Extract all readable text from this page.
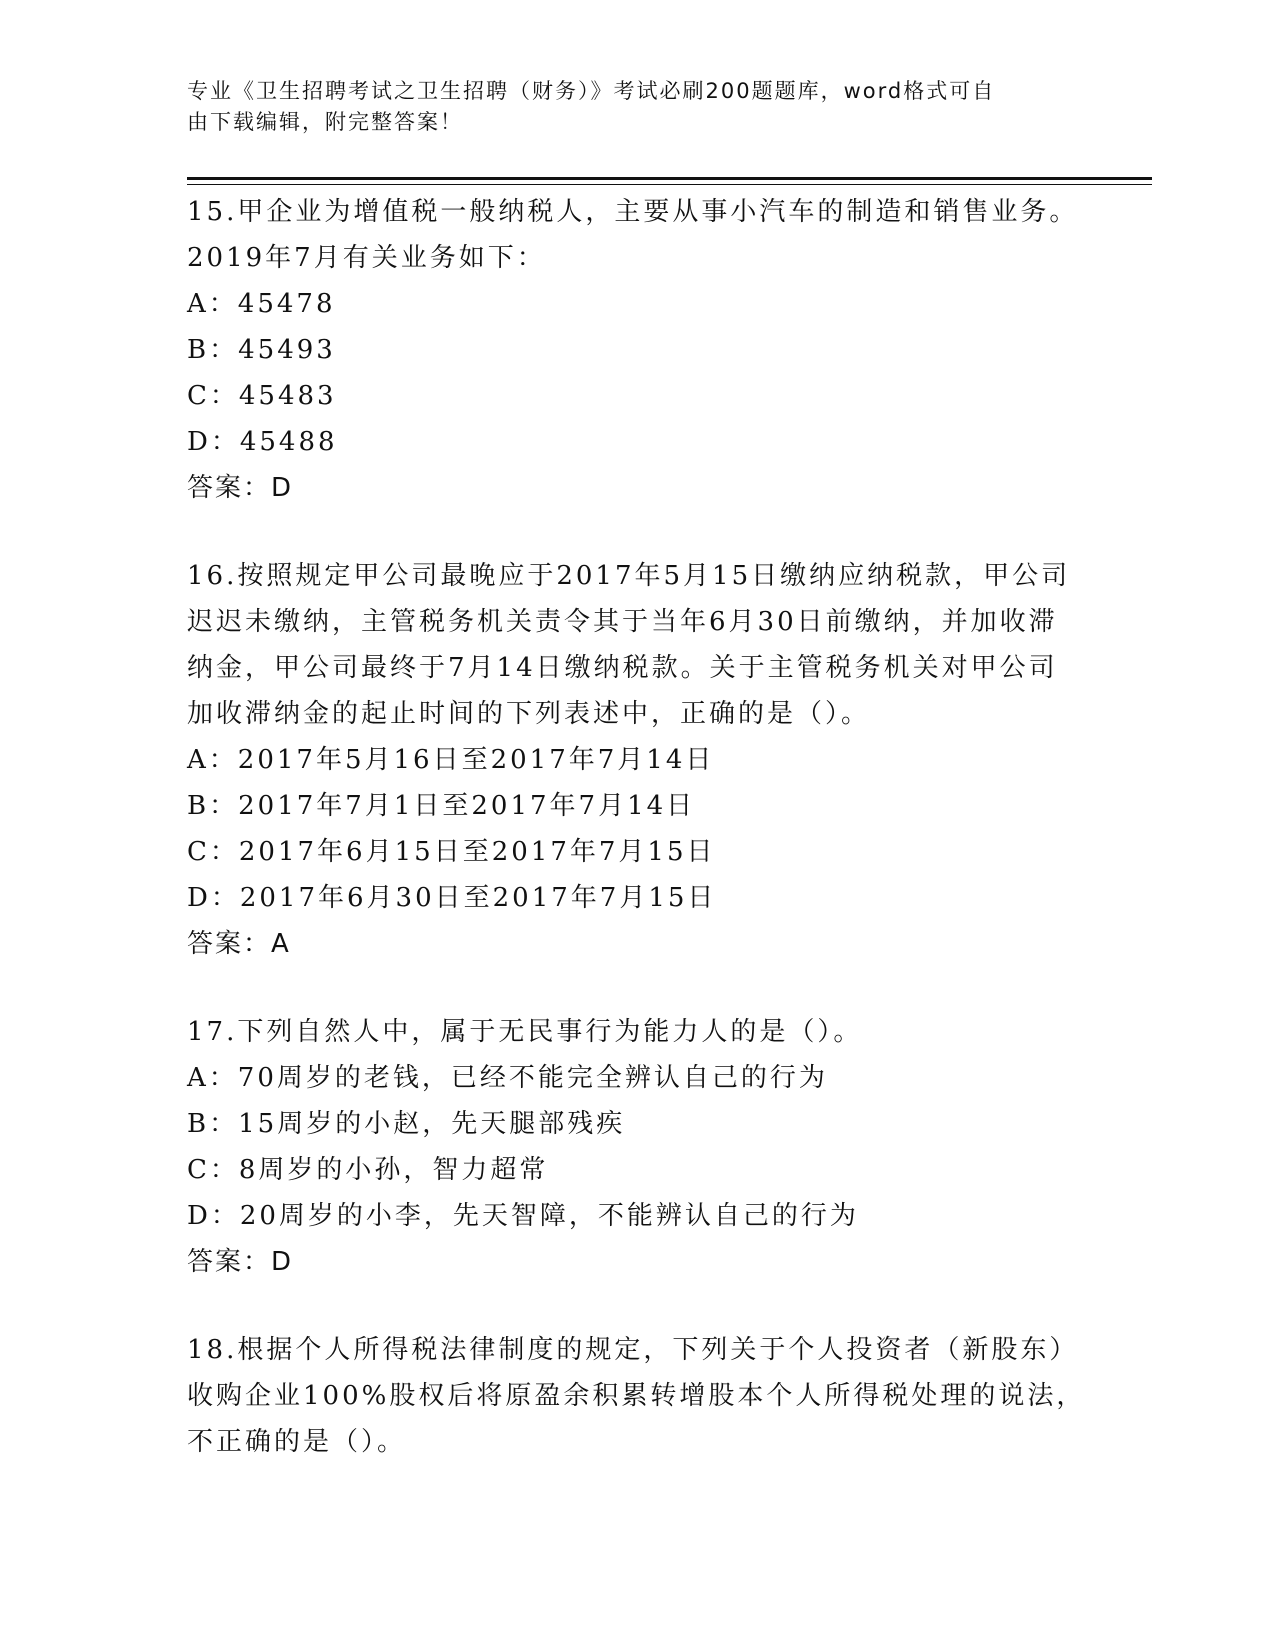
专业《卫生招聘考试之卫生招聘（财务）》考试必刷200题题库，word格式可自
由下载编辑，附完整答案！
15.甲企业为增值税一般纳税人，主要从事小汽车的制造和销售业务。
2019年7月有关业务如下：
A：45478
B：45493
C：45483
D：45488
答案：D
16.按照规定甲公司最晚应于2017年5月15日缴纳应纳税款，甲公司
迟迟未缴纳，主管税务机关责令其于当年6月30日前缴纳，并加收滞
纳金，甲公司最终于7月14日缴纳税款。关于主管税务机关对甲公司
加收滞纳金的起止时间的下列表述中，正确的是（）。
A：2017年5月16日至2017年7月14日
B：2017年7月1日至2017年7月14日
C：2017年6月15日至2017年7月15日
D：2017年6月30日至2017年7月15日
答案：A
17.下列自然人中，属于无民事行为能力人的是（）。
A：70周岁的老钱，已经不能完全辨认自己的行为
B：15周岁的小赵，先天腿部残疾
C：8周岁的小孙，智力超常
D：20周岁的小李，先天智障，不能辨认自己的行为
答案：D
18.根据个人所得税法律制度的规定，下列关于个人投资者（新股东）
收购企业100%股权后将原盈余积累转增股本个人所得税处理的说法，
不正确的是（）。
